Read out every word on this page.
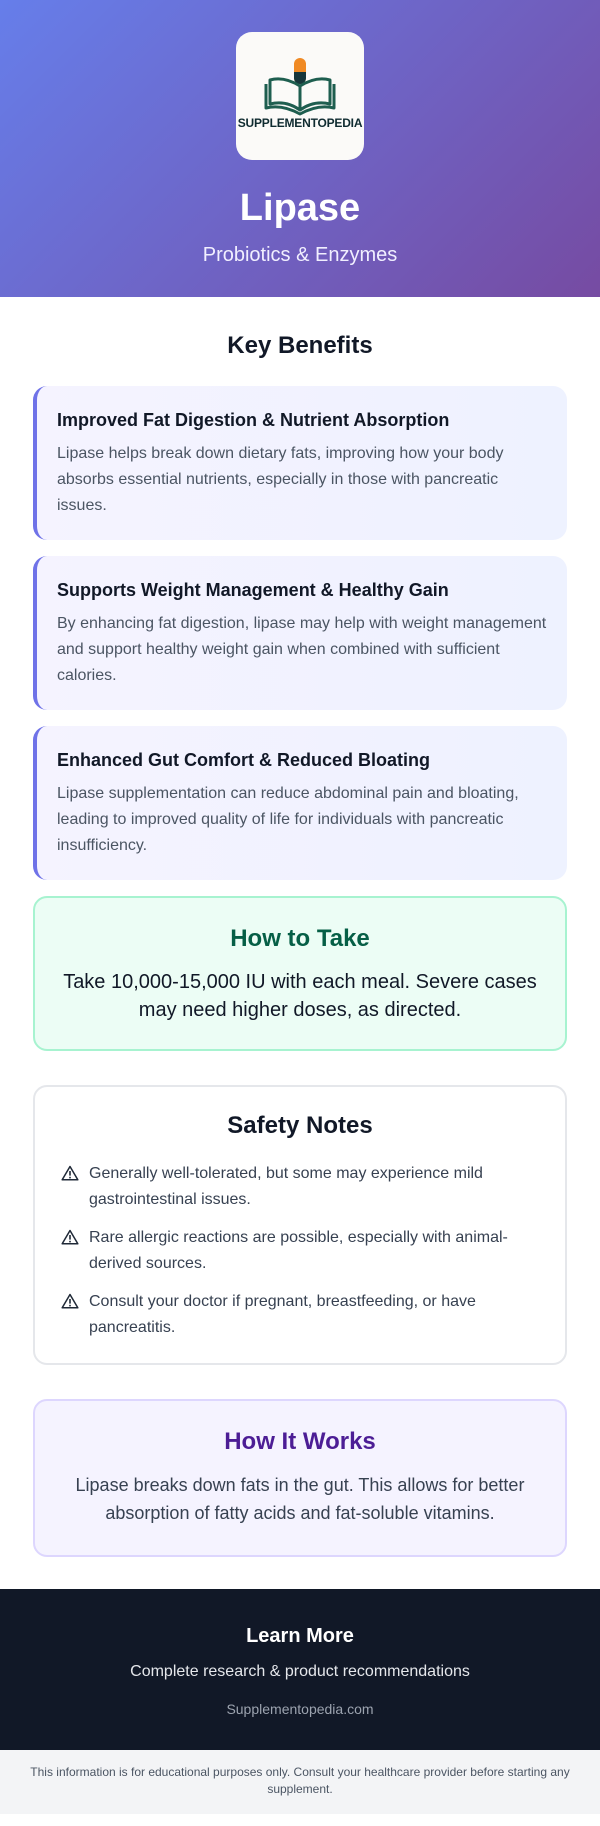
SUPPLEMENTOPEDIA
Lipase
Probiotics & Enzymes
Key Benefits
Improved Fat Digestion & Nutrient Absorption

Lipase helps break down dietary fats, improving how your body absorbs essential nutrients, especially in those with pancreatic issues.

Supports Weight Management & Healthy Gain

By enhancing fat digestion, lipase may help with weight management and support healthy weight gain when combined with sufficient calories.

Enhanced Gut Comfort & Reduced Bloating

Lipase supplementation can reduce abdominal pain and bloating, leading to improved quality of life for individuals with pancreatic insufficiency.

How to Take

Take 10,000-15,000 IU with each meal. Severe cases may need higher doses, as directed.

Safety Notes
Generally well-tolerated, but some may experience mild gastrointestinal issues.
Rare allergic reactions are possible, especially with animal-derived sources.
Consult your doctor if pregnant, breastfeeding, or have pancreatitis.
How It Works

Lipase breaks down fats in the gut. This allows for better absorption of fatty acids and fat-soluble vitamins.

Learn More
Complete research & product recommendations
Supplementopedia.com
This information is for educational purposes only. Consult your healthcare provider before starting any supplement.
